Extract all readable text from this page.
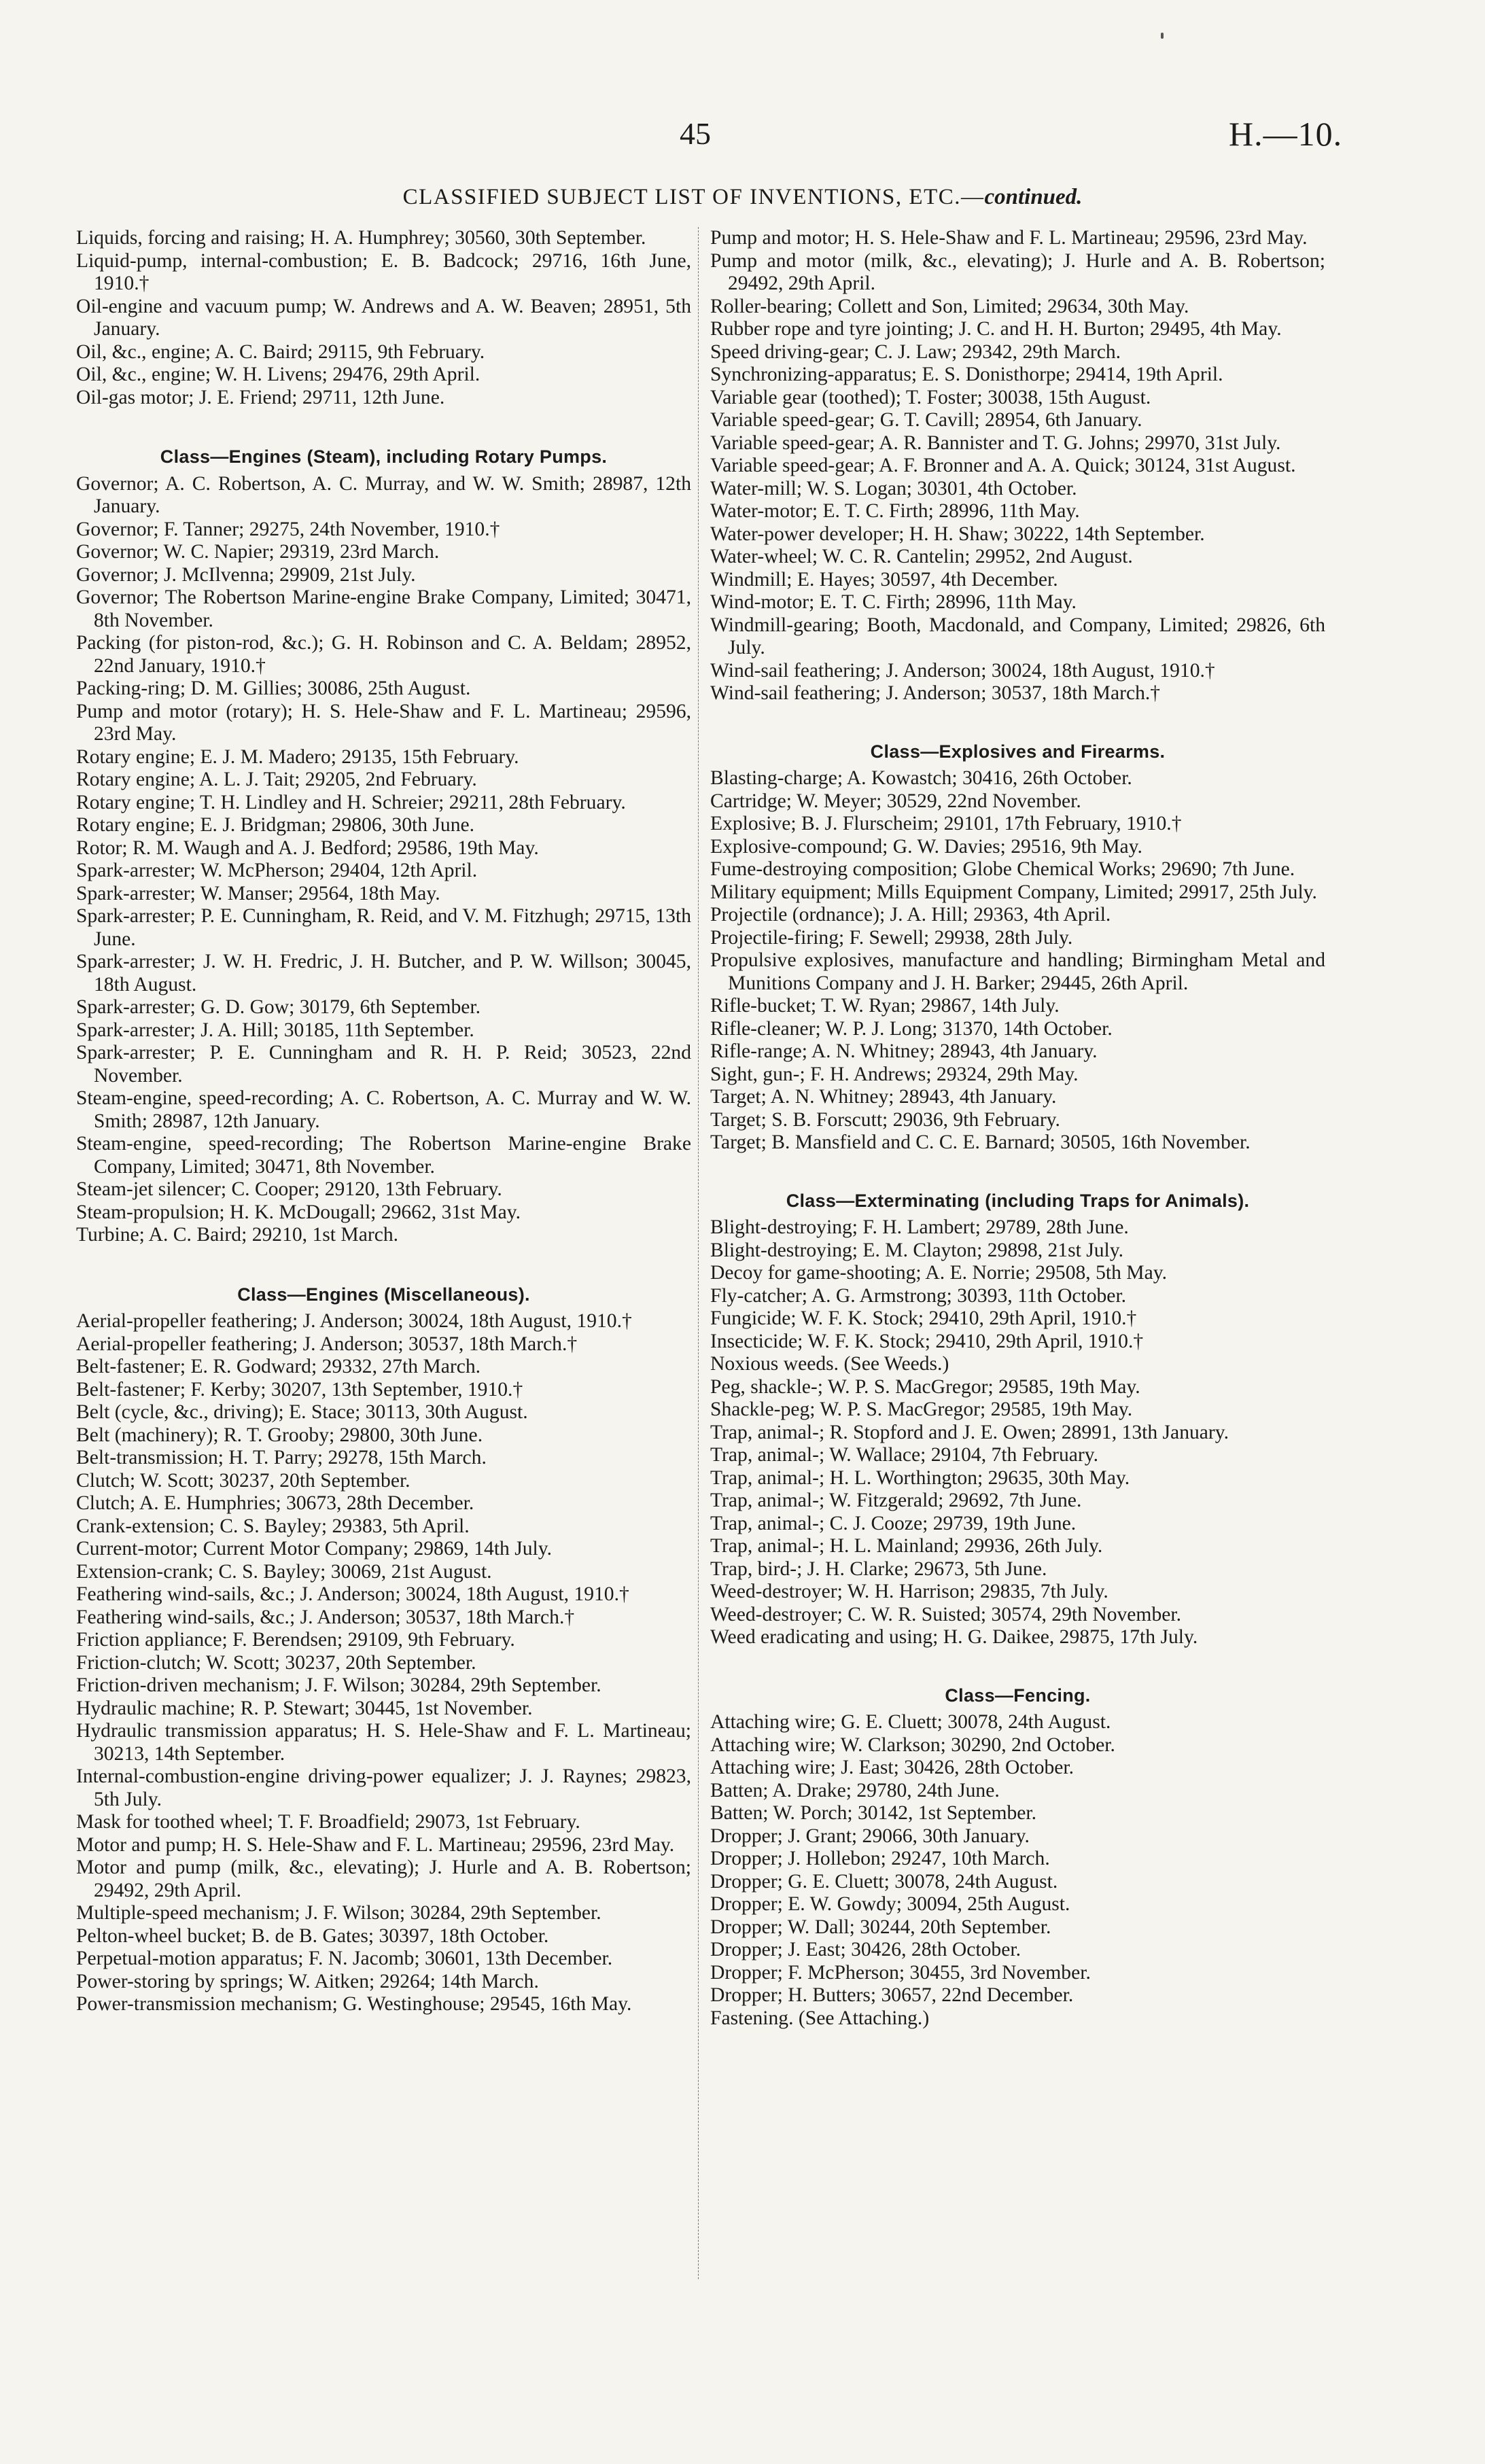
45	H.—10.
CLASSIFIED SUBJECT LIST OF INVENTIONS, ETC.—continued.
Liquids, forcing and raising; H. A. Humphrey; 30560, 30th September.
Liquid-pump, internal-combustion; E. B. Badcock; 29716, 16th June, 1910.†
Oil-engine and vacuum pump; W. Andrews and A. W. Beaven; 28951, 5th January.
Oil, &c., engine; A. C. Baird; 29115, 9th February.
Oil, &c., engine; W. H. Livens; 29476, 29th April.
Oil-gas motor; J. E. Friend; 29711, 12th June.
Class—Engines (Steam), including Rotary Pumps.
Governor; A. C. Robertson, A. C. Murray, and W. W. Smith; 28987, 12th January.
Governor; F. Tanner; 29275, 24th November, 1910.†
Governor; W. C. Napier; 29319, 23rd March.
Governor; J. McIlvenna; 29909, 21st July.
Governor; The Robertson Marine-engine Brake Company, Limited; 30471, 8th November.
Packing (for piston-rod, &c.); G. H. Robinson and C. A. Beldam; 28952, 22nd January, 1910.†
Packing-ring; D. M. Gillies; 30086, 25th August.
Pump and motor (rotary); H. S. Hele-Shaw and F. L. Martineau; 29596, 23rd May.
Rotary engine; E. J. M. Madero; 29135, 15th February.
Rotary engine; A. L. J. Tait; 29205, 2nd February.
Rotary engine; T. H. Lindley and H. Schreier; 29211, 28th February.
Rotary engine; E. J. Bridgman; 29806, 30th June.
Rotor; R. M. Waugh and A. J. Bedford; 29586, 19th May.
Spark-arrester; W. McPherson; 29404, 12th April.
Spark-arrester; W. Manser; 29564, 18th May.
Spark-arrester; P. E. Cunningham, R. Reid, and V. M. Fitzhugh; 29715, 13th June.
Spark-arrester; J. W. H. Fredric, J. H. Butcher, and P. W. Willson; 30045, 18th August.
Spark-arrester; G. D. Gow; 30179, 6th September.
Spark-arrester; J. A. Hill; 30185, 11th September.
Spark-arrester; P. E. Cunningham and R. H. P. Reid; 30523, 22nd November.
Steam-engine, speed-recording; A. C. Robertson, A. C. Murray and W. W. Smith; 28987, 12th January.
Steam-engine, speed-recording; The Robertson Marine-engine Brake Company, Limited; 30471, 8th November.
Steam-jet silencer; C. Cooper; 29120, 13th February.
Steam-propulsion; H. K. McDougall; 29662, 31st May.
Turbine; A. C. Baird; 29210, 1st March.
Class—Engines (Miscellaneous).
Aerial-propeller feathering; J. Anderson; 30024, 18th August, 1910.†
Aerial-propeller feathering; J. Anderson; 30537, 18th March.†
Belt-fastener; E. R. Godward; 29332, 27th March.
Belt-fastener; F. Kerby; 30207, 13th September, 1910.†
Belt (cycle, &c., driving); E. Stace; 30113, 30th August.
Belt (machinery); R. T. Grooby; 29800, 30th June.
Belt-transmission; H. T. Parry; 29278, 15th March.
Clutch; W. Scott; 30237, 20th September.
Clutch; A. E. Humphries; 30673, 28th December.
Crank-extension; C. S. Bayley; 29383, 5th April.
Current-motor; Current Motor Company; 29869, 14th July.
Extension-crank; C. S. Bayley; 30069, 21st August.
Feathering wind-sails, &c.; J. Anderson; 30024, 18th August, 1910.†
Feathering wind-sails, &c.; J. Anderson; 30537, 18th March.†
Friction appliance; F. Berendsen; 29109, 9th February.
Friction-clutch; W. Scott; 30237, 20th September.
Friction-driven mechanism; J. F. Wilson; 30284, 29th September.
Hydraulic machine; R. P. Stewart; 30445, 1st November.
Hydraulic transmission apparatus; H. S. Hele-Shaw and F. L. Martineau; 30213, 14th September.
Internal-combustion-engine driving-power equalizer; J. J. Raynes; 29823, 5th July.
Mask for toothed wheel; T. F. Broadfield; 29073, 1st February.
Motor and pump; H. S. Hele-Shaw and F. L. Martineau; 29596, 23rd May.
Motor and pump (milk, &c., elevating); J. Hurle and A. B. Robertson; 29492, 29th April.
Multiple-speed mechanism; J. F. Wilson; 30284, 29th September.
Pelton-wheel bucket; B. de B. Gates; 30397, 18th October.
Perpetual-motion apparatus; F. N. Jacomb; 30601, 13th December.
Power-storing by springs; W. Aitken; 29264; 14th March.
Power-transmission mechanism; G. Westinghouse; 29545, 16th May.
Pump and motor; H. S. Hele-Shaw and F. L. Martineau; 29596, 23rd May.
Pump and motor (milk, &c., elevating); J. Hurle and A. B. Robertson; 29492, 29th April.
Roller-bearing; Collett and Son, Limited; 29634, 30th May.
Rubber rope and tyre jointing; J. C. and H. H. Burton; 29495, 4th May.
Speed driving-gear; C. J. Law; 29342, 29th March.
Synchronizing-apparatus; E. S. Donisthorpe; 29414, 19th April.
Variable gear (toothed); T. Foster; 30038, 15th August.
Variable speed-gear; G. T. Cavill; 28954, 6th January.
Variable speed-gear; A. R. Bannister and T. G. Johns; 29970, 31st July.
Variable speed-gear; A. F. Bronner and A. A. Quick; 30124, 31st August.
Water-mill; W. S. Logan; 30301, 4th October.
Water-motor; E. T. C. Firth; 28996, 11th May.
Water-power developer; H. H. Shaw; 30222, 14th September.
Water-wheel; W. C. R. Cantelin; 29952, 2nd August.
Windmill; E. Hayes; 30597, 4th December.
Wind-motor; E. T. C. Firth; 28996, 11th May.
Windmill-gearing; Booth, Macdonald, and Company, Limited; 29826, 6th July.
Wind-sail feathering; J. Anderson; 30024, 18th August, 1910.†
Wind-sail feathering; J. Anderson; 30537, 18th March.†
Class—Explosives and Firearms.
Blasting-charge; A. Kowastch; 30416, 26th October.
Cartridge; W. Meyer; 30529, 22nd November.
Explosive; B. J. Flurscheim; 29101, 17th February, 1910.†
Explosive-compound; G. W. Davies; 29516, 9th May.
Fume-destroying composition; Globe Chemical Works; 29690; 7th June.
Military equipment; Mills Equipment Company, Limited; 29917, 25th July.
Projectile (ordnance); J. A. Hill; 29363, 4th April.
Projectile-firing; F. Sewell; 29938, 28th July.
Propulsive explosives, manufacture and handling; Birmingham Metal and Munitions Company and J. H. Barker; 29445, 26th April.
Rifle-bucket; T. W. Ryan; 29867, 14th July.
Rifle-cleaner; W. P. J. Long; 31370, 14th October.
Rifle-range; A. N. Whitney; 28943, 4th January.
Sight, gun-; F. H. Andrews; 29324, 29th May.
Target; A. N. Whitney; 28943, 4th January.
Target; S. B. Forscutt; 29036, 9th February.
Target; B. Mansfield and C. C. E. Barnard; 30505, 16th November.
Class—Exterminating (including Traps for Animals).
Blight-destroying; F. H. Lambert; 29789, 28th June.
Blight-destroying; E. M. Clayton; 29898, 21st July.
Decoy for game-shooting; A. E. Norrie; 29508, 5th May.
Fly-catcher; A. G. Armstrong; 30393, 11th October.
Fungicide; W. F. K. Stock; 29410, 29th April, 1910.†
Insecticide; W. F. K. Stock; 29410, 29th April, 1910.†
Noxious weeds. (See Weeds.)
Peg, shackle-; W. P. S. MacGregor; 29585, 19th May.
Shackle-peg; W. P. S. MacGregor; 29585, 19th May.
Trap, animal-; R. Stopford and J. E. Owen; 28991, 13th January.
Trap, animal-; W. Wallace; 29104, 7th February.
Trap, animal-; H. L. Worthington; 29635, 30th May.
Trap, animal-; W. Fitzgerald; 29692, 7th June.
Trap, animal-; C. J. Cooze; 29739, 19th June.
Trap, animal-; H. L. Mainland; 29936, 26th July.
Trap, bird-; J. H. Clarke; 29673, 5th June.
Weed-destroyer; W. H. Harrison; 29835, 7th July.
Weed-destroyer; C. W. R. Suisted; 30574, 29th November.
Weed eradicating and using; H. G. Daikee, 29875, 17th July.
Class—Fencing.
Attaching wire; G. E. Cluett; 30078, 24th August.
Attaching wire; W. Clarkson; 30290, 2nd October.
Attaching wire; J. East; 30426, 28th October.
Batten; A. Drake; 29780, 24th June.
Batten; W. Porch; 30142, 1st September.
Dropper; J. Grant; 29066, 30th January.
Dropper; J. Hollebon; 29247, 10th March.
Dropper; G. E. Cluett; 30078, 24th August.
Dropper; E. W. Gowdy; 30094, 25th August.
Dropper; W. Dall; 30244, 20th September.
Dropper; J. East; 30426, 28th October.
Dropper; F. McPherson; 30455, 3rd November.
Dropper; H. Butters; 30657, 22nd December.
Fastening. (See Attaching.)
